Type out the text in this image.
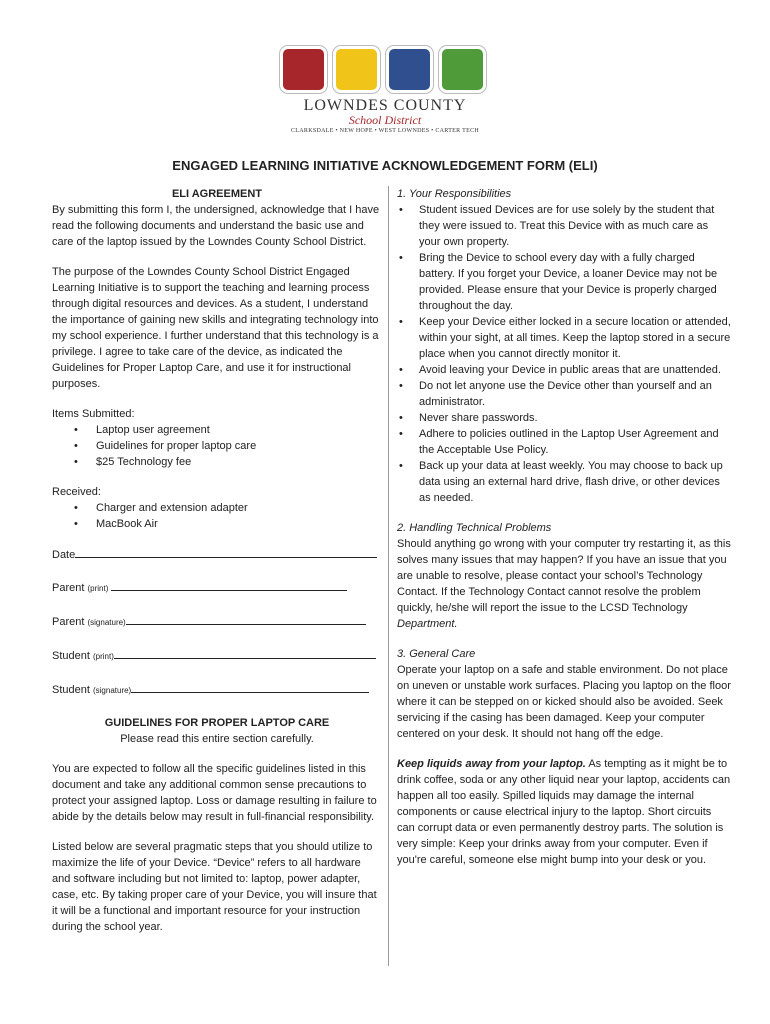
LOWNDES COUNTY
School District
CLARKSDALE • NEW HOPE • WEST LOWNDES • CARTER TECH
ENGAGED LEARNING INITIATIVE ACKNOWLEDGEMENT FORM (ELI)
ELI AGREEMENT

By submitting this form I, the undersigned, acknowledge that I have read the following documents and understand the basic use and care of the laptop issued by the Lowndes County School District.

The purpose of the Lowndes County School District Engaged Learning Initiative is to support the teaching and learning process through digital resources and devices. As a student, I understand the importance of gaining new skills and integrating technology into my school experience. I further understand that this technology is a privilege. I agree to take care of the device, as indicated the Guidelines for Proper Laptop Care, and use it for instructional purposes.

Items Submitted:
• Laptop user agreement
• Guidelines for proper laptop care
• $25 Technology fee
Received:
• Charger and extension adapter
• MacBook Air
Date
Parent (print)
Parent (signature)
Student (print)
Student (signature)
GUIDELINES FOR PROPER LAPTOP CARE

Please read this entire section carefully.

You are expected to follow all the specific guidelines listed in this document and take any additional common sense precautions to protect your assigned laptop. Loss or damage resulting in failure to abide by the details below may result in full-financial responsibility.

Listed below are several pragmatic steps that you should utilize to maximize the life of your Device. “Device” refers to all hardware and software including but not limited to: laptop, power adapter, case, etc. By taking proper care of your Device, you will insure that it will be a functional and important resource for your instruction during the school year.

1. Your Responsibilities
• Student issued Devices are for use solely by the student that they were issued to. Treat this Device with as much care as your own property.
• Bring the Device to school every day with a fully charged battery. If you forget your Device, a loaner Device may not be provided. Please ensure that your Device is properly charged throughout the day.
• Keep your Device either locked in a secure location or attended, within your sight, at all times. Keep the laptop stored in a secure place when you cannot directly monitor it.
• Avoid leaving your Device in public areas that are unattended.
• Do not let anyone use the Device other than yourself and an administrator.
• Never share passwords.
• Adhere to policies outlined in the Laptop User Agreement and the Acceptable Use Policy.
• Back up your data at least weekly. You may choose to back up data using an external hard drive, flash drive, or other devices as needed.
2. Handling Technical Problems

Should anything go wrong with your computer try restarting it, as this solves many issues that may happen? If you have an issue that you are unable to resolve, please contact your school’s Technology Contact. If the Technology Contact cannot resolve the problem quickly, he/she will report the issue to the LCSD Technology Department.

3. General Care

Operate your laptop on a safe and stable environment. Do not place on uneven or unstable work surfaces. Placing you laptop on the floor where it can be stepped on or kicked should also be avoided. Seek servicing if the casing has been damaged. Keep your computer centered on your desk. It should not hang off the edge.

Keep liquids away from your laptop. As tempting as it might be to drink coffee, soda or any other liquid near your laptop, accidents can happen all too easily. Spilled liquids may damage the internal components or cause electrical injury to the laptop. Short circuits can corrupt data or even permanently destroy parts. The solution is very simple: Keep your drinks away from your computer. Even if you're careful, someone else might bump into your desk or you.
